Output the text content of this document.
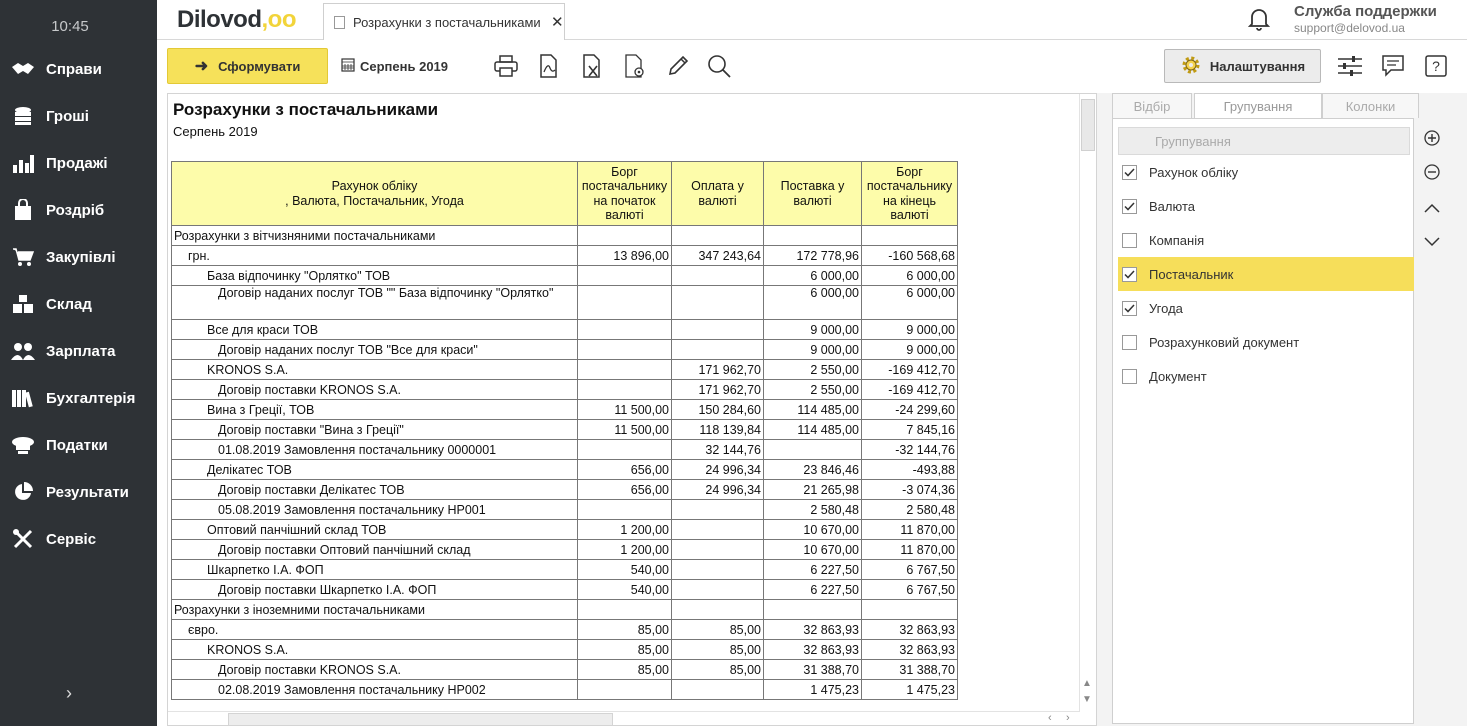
10:45
Справи
Гроші
Продажі
Роздріб
Закупівлі
Склад
Зарплата
Бухгалтерія
Податки
Результати
Сервіс
›
Dilovod,oo	Розрахунки з постачальниками ✕
Служба поддержки
support@delovod.ua
➜ Сформувати	Серпень 2019	Налаштування	?
Розрахунки з постачальниками
Серпень 2019
Рахунок обліку
, Валюта, Постачальник, Угода	Борг постачальнику на початок валюті	Оплата у валюті	Поставка у валюті	Борг постачальнику на кінець валюті
Розрахунки з вітчизняними постачальниками				
грн.	13 896,00	347 243,64	172 778,96	-160 568,68
База відпочинку "Орлятко" ТОВ			6 000,00	6 000,00
Договір наданих послуг ТОВ "" База відпочинку "Орлятко"			6 000,00	6 000,00
Все для краси ТОВ			9 000,00	9 000,00
Договір наданих послуг ТОВ "Все для краси"			9 000,00	9 000,00
KRONOS S.A.		171 962,70	2 550,00	-169 412,70
Договір поставки KRONOS S.A.		171 962,70	2 550,00	-169 412,70
Вина з Греції, ТОВ	11 500,00	150 284,60	114 485,00	-24 299,60
Договір поставки "Вина з Греції"	11 500,00	118 139,84	114 485,00	7 845,16
01.08.2019 Замовлення постачальнику 0000001		32 144,76		-32 144,76
Делікатес ТОВ	656,00	24 996,34	23 846,46	-493,88
Договір поставки Делікатес ТОВ	656,00	24 996,34	21 265,98	-3 074,36
05.08.2019 Замовлення постачальнику НР001			2 580,48	2 580,48
Оптовий панчішний склад ТОВ	1 200,00		10 670,00	11 870,00
Договір поставки Оптовий панчішний склад	1 200,00		10 670,00	11 870,00
Шкарпетко І.А. ФОП	540,00		6 227,50	6 767,50
Договір поставки Шкарпетко І.А. ФОП	540,00		6 227,50	6 767,50
Розрахунки з іноземними постачальниками				
євро.	85,00	85,00	32 863,93	32 863,93
KRONOS S.A.	85,00	85,00	32 863,93	32 863,93
Договір поставки KRONOS S.A.	85,00	85,00	31 388,70	31 388,70
02.08.2019 Замовлення постачальнику НР002			1 475,23	1 475,23	▲
▼
‹ ›
Відбір	Групування	Колонки
Группування
Рахунок обліку
Валюта
Компанія
Постачальник
Угода
Розрахунковий документ
Документ
